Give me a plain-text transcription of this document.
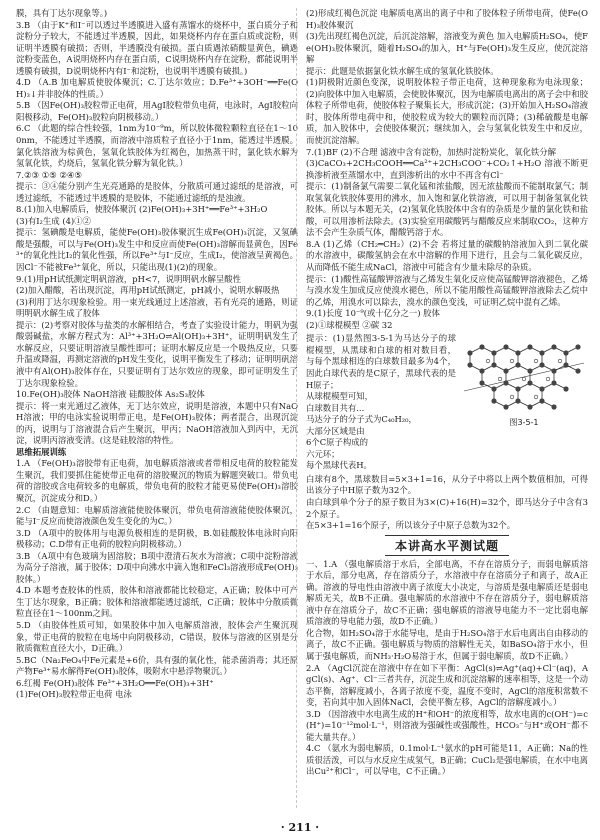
膜，具有丁达尔现象等。)

3.B （由于K⁺和I⁻可以透过半透膜进入盛有蒸馏水的烧杯中，蛋白质分子和淀粉分子较大，不能透过半透膜，因此，如果烧杯内存在蛋白质或淀粉，则证明半透膜有破损；否则，半透膜没有破损。蛋白质遇浓硝酸显黄色，碘遇淀粉变蓝色，A说明烧杯内存在蛋白质，C说明烧杯内存在淀粉，都能说明半透膜有破损，D说明烧杯内有I⁻和淀粉，也说明半透膜有破损。)

4.D （A.B 加电解质使胶体聚沉；C.丁达尔效应；D.Fe³⁺+3OH⁻══Fe(OH)₃↓并非胶体的性质。）

5.B （因Fe(OH)₃胶粒带正电荷，用AgI胶粒带负电荷，电泳时，AgI胶粒向阳极移动，Fe(OH)₃胶粒向阴极移动。）

6.C （此题的综合性较强，1nm为10⁻⁹m，所以胶体微粒颗粒直径在1～100nm，不能透过半透膜，而溶液中溶质粒子直径小于1nm，能透过半透膜。氯化铁溶液为棕黄色，氢氧化铁胶体为红褐色，加热蒸干时，氯化铁水解为氢氧化铁，灼烧后，氢氧化铁分解为氧化铁。）

7.②③ ①⑤ ②④⑤

提示：③④能分别产生光亮通路的是胶体，分散质可通过滤纸的是溶液，可透过滤纸，不能透过半透膜的是胶体，不能通过滤纸的是浊液。

8.(1)加入电解质后，使胶体聚沉 (2)Fe(OH)₃+3H⁺══Fe³⁺+3H₂O

(3)有I₂生成 (4)①②

提示：氢碘酸是电解质，能使Fe(OH)₃胶体聚沉生成Fe(OH)₃沉淀，又氢碘酸是强酸，可以与Fe(OH)₃发生中和反应而使Fe(OH)₃溶解而显黄色，因Fe³⁺的氧化性比I₂的氧化性强，所以Fe³⁺与I⁻反应，生成I₂，使溶液呈黄褐色。因Cl⁻不能被Fe³⁺氧化，所以，只能出现(1)(2)的现象。

9.(1)用pH试纸测定明矾溶液，pH<7，说明明矾水解呈酸性

(2)加入醋酸，若出现沉淀，再用pH试纸测定，pH减小，说明水解吸热

(3)利用丁达尔现象检验。用一束光线通过上述溶液，若有光亮的通路，则证明明矾水解生成了胶体

提示：(2)考察对胶体与盐类的水解相结合，考查了实验设计能力，明矾为强酸弱碱盐，水解方程式为：Al³⁺+3H₂O⇌Al(OH)₃+3H⁺，证明明矾发生了水解反应，只要证明溶液呈酸性即可；证明水解反应是一个吸热反应，只要升温或降温，再测定溶液的pH发生变化，说明平衡发生了移动；证明明矾溶液中有Al(OH)₃胶体存在，只要证明有丁达尔效应的现象，即可证明发生了丁达尔现象检验。

10.Fe(OH)₃胶体 NaOH溶液 硅酸胶体 As₂S₃胶体

提示：将一束光通过乙液体，无丁达尔效应，说明是溶液，本题中只有NaOH溶液；甲的电泳实验说明带正电，是Fe(OH)₃胶体；两者混合，出现沉淀的丙，说明与丁溶液混合后产生聚沉，甲丙；NaOH溶液加入到丙中，无沉淀，说明丙溶液变清。(这是硅胶溶的特性。

思维拓展训练

1.A （Fe(OH)₃溶胶带有正电荷，加电解质溶液或者带相反电荷的胶粒能发生聚沉，我们要抓住能使带正电荷的溶胶聚沉的物质为解题突破口。带负电荷的溶胶或含电荷较多的电解质，带负电荷的胶粒才能更易使Fe(OH)₃溶胶聚沉，沉淀成分和D。）

2.C （由题意知：电解质溶液能使胶体聚沉，带负电荷溶液能使胶体聚沉，能与I⁻反应而使溶液颜色发生变化的为C。）

3.D （A项中的胶体用与电源负极相连的是阴极，B.如硅酸胶体电泳时向阳极移动；C.D带有正电荷的胶粒向阴极移动。）

3.B （A项中有色玻璃为固溶胶；B项中澄清石灰水为溶液；C项中淀粉溶液为高分子溶液，属于胶体；D项中向沸水中滴入饱和FeCl₃溶液形成Fe(OH)₃胶体。）

4.D 本题考查胶体的性质，胶体和溶液都能比较稳定，A正确；胶体中可产生丁达尔现象，B正确；胶体和溶液都能透过滤纸，C正确；胶体中分散质微粒直径在1～100nm之间。

5.D （由胶体性质可知，如果胶体中加入电解质溶液，胶体会产生聚沉现象，带正电荷的胶粒在电场中向阴极移动，C错误，胶体与溶液的区别是分散质微粒直径大小，D正确。）

5.BC（Na₂FeO₄中Fe元素是+6价，具有强的氧化性，能杀菌消毒；其还原产物Fe³⁺易水解得Fe(OH)₃胶体，吸附水中悬浮物聚沉。）

6.红褐 Fe(OH)₃胶体 Fe³⁺+3H₂O══Fe(OH)₃+3H⁺

(1)Fe(OH)₃胶粒带正电荷 电泳

(2)形成红褐色沉淀 电解质电离出的离子中和了胶体粒子所带电荷，使Fe(OH)₃胶体聚沉

(3)先出现红褐色沉淀，后沉淀溶解，溶液变为黄色 加入电解质H₂SO₄，使Fe(OH)₃胶体聚沉，随着H₂SO₄的加入，H⁺与Fe(OH)₃发生反应，使沉淀溶解

提示：此题是依据氯化铁水解生成的氢氧化铁胶体。

(1)阴极附近颜色变深，说明胶体粒子带正电荷，这种现象称为电泳现象；(2)向胶体中加入电解质，会使胶体聚沉，因为电解质电离出的离子会中和胶体粒子所带电荷，使胶体粒子聚集长大，形成沉淀；(3)开始加入H₂SO₄溶液时，胶体所带电荷中和，使胶粒成为较大的颗粒而沉降；(3)稀硫酸是电解质，加入胶体中，会使胶体聚沉；继续加入，会与氢氧化铁发生中和反应，而使沉淀溶解。

7.(1)BF (2)不合理 滤液中含有淀粉，加热时淀粉炭化，氧化铁分解

(3)CaCO₃+2CH₃COOH══Ca²⁺+2CH₃COO⁻+CO₂↑+H₂O 溶液不断更换渗析液至蒸馏水中，直到渗析出的水中不再含有Cl⁻

提示：(1)制备氯气需要二氧化锰和浓盐酸，因无浓盐酸而不能制取氯气；制取氢氧化铁胶体要用的沸水，加入饱和氯化铁溶液，可以用于制备氢氧化铁胶体。所以与本题无关，(2)氢氧化铁胶体中含有的杂质是少量的氯化铁和盐酸，可以用渗析法除去。(3)实验室用碳酸钙与醋酸反应来制取CO₂，这种方法不会产生杂质气体，醋酸钙溶于水。

8.A (1)乙烯（CH₂═CH₂）(2)不会 若将过量的碳酸钠溶液加入到二氧化碳的水溶液中，碳酸氢钠会在水中溶解的作用下进行，且会与二氧化碳反应，从而降低不能生成NaCl，溶液中可能含有少量未除尽的杂质。

提示：(1)酸性高锰酸钾溶液与乙烯发生氧化反应使高锰酸钾溶液褪色，乙烯与溴水发生加成反应使溴水褪色，所以不能用酸性高锰酸钾溶液除去乙烷中的乙烯，用溴水可以除去，溴水的颜色变浅，可证明乙烷中混有乙烯。

9.(1)长度 10⁻⁹(或十亿分之一) 胶体

(2)①球棍模型 ②碳 32

提示：(1)显然图3-5-1为马达分子的球棍模型，从黑球和白球的相对数目看，与每个黑球相连的白球数目最多为4个，因此白球代表的是C原子，黑球代表的是H原子；

从球棍模型可知，

白球数目共有...

马达分子的分子式为C₄₀H₂₀，

大部分区域是由

6个C原子构成的

六元环；

每个黑球代表H。

图3-5-1

白球有8个，黑球数目=5×3+1=16，从分子中将以上两个数值相加，可得出该分子中H原子数为32个。

由白球到单个分子的原子数目为3×(C)+16(H)=32个，即马达分子中含有32个原子。

在5×3+1=16个原子，所以该分子中原子总数为32个。

本讲高水平测试题

一、1.A （强电解质溶于水后，全部电离，不存在溶质分子，而弱电解质溶于水后，部分电离，存在溶质分子，水溶液中存在溶质分子和离子，故A正确。溶液的导电性由溶液中离子浓度大小决定，与溶质是强电解质还是弱电解质无关，故B不正确。强电解质的水溶液中不存在溶质分子，弱电解质溶液中存在溶质分子，故C不正确；强电解质的溶液导电能力不一定比弱电解质溶液的导电能力强，故D不正确。）

化合物，如H₂SO₄溶于水能导电，是由于H₂SO₄溶于水后电离出自由移动的离子，故C不正确。强电解质与物质的溶解性无关，如BaSO₄溶于水小，但属于强电解质，而NH₃·H₂O易溶于水，但属于弱电解质，故D不正确。）

2.A （AgCl沉淀在溶液中存在如下平衡：AgCl(s)⇌Ag⁺(aq)+Cl⁻(aq)，AgCl(s)、Ag⁺、Cl⁻三者共存，沉淀生成和沉淀溶解的速率相等，这是一个动态平衡，溶解度减小，各离子浓度不变，温度不变时，AgCl的溶度积常数不变，若向其中加入固体NaCl，会使平衡左移，AgCl的溶解度减小。）

3.D （因溶液中水电离生成的H⁺和OH⁻的浓度相等，故水电离的c(OH⁻)=c(H⁺)=10⁻¹²mol·L⁻¹，则溶液为强碱性或强酸性，HCO₃⁻与H⁺或OH⁻都不能大量共存。）

4.C （氨水为弱电解质，0.1mol·L⁻¹氨水的pH可能是11，A正确；Na的性质很活泼，可以与水反应生成氢气，B正确；CuCl₂是强电解质，在水中电离出Cu²⁺和Cl⁻，可以导电，C不正确。）

· 211 ·
